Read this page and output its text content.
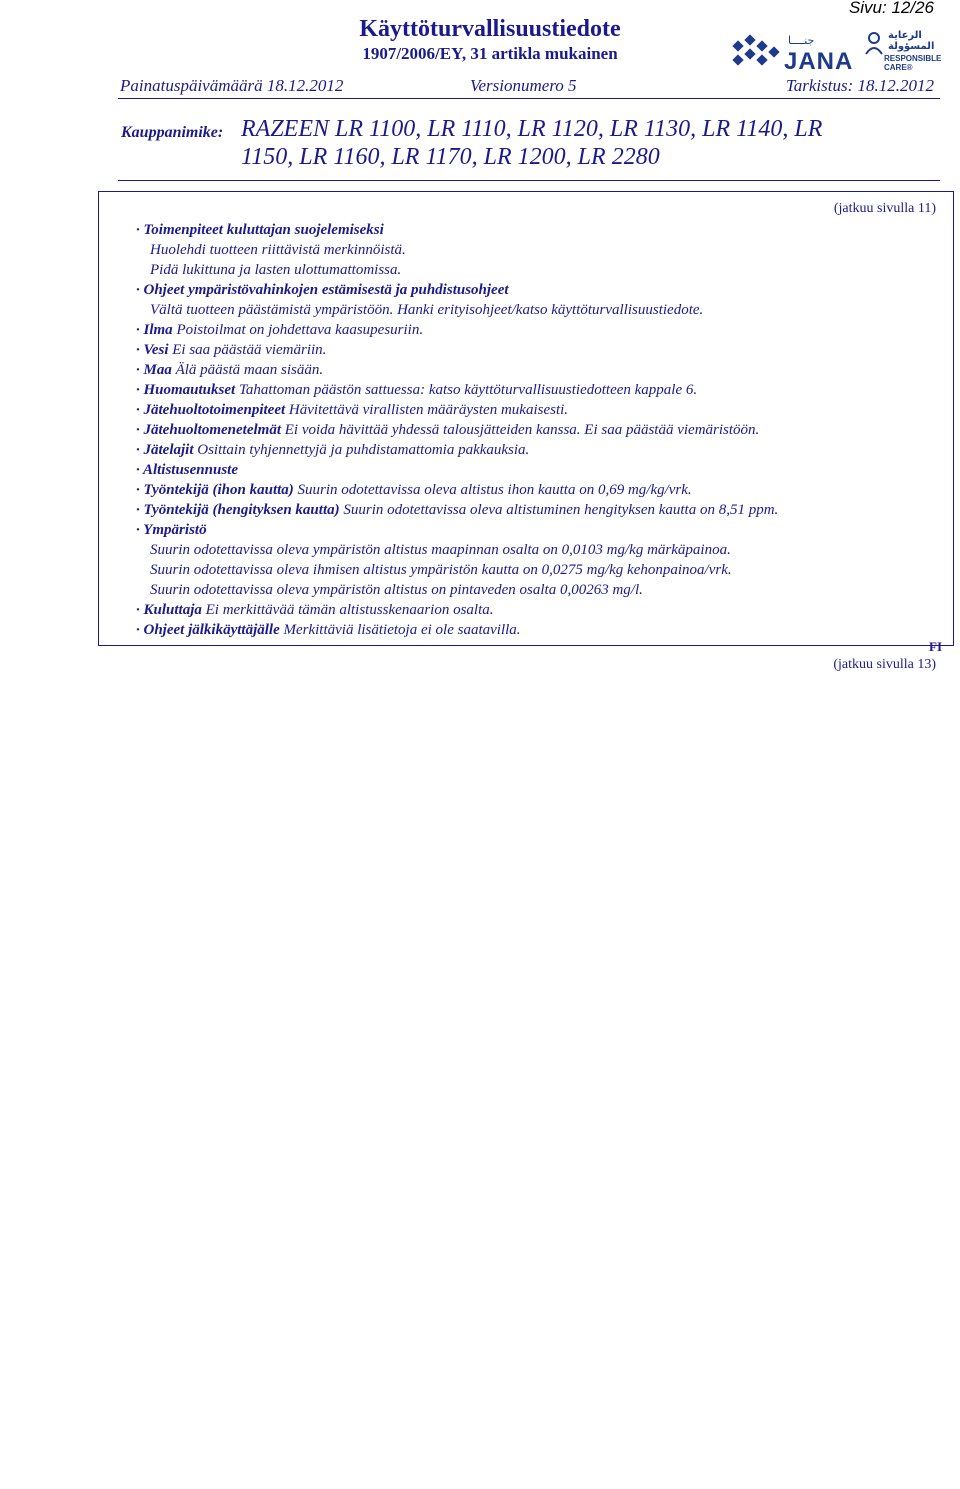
Sivu: 12/26
Käyttöturvallisuustiedote
1907/2006/EY, 31 artikla mukainen
جنــــا
JANA
الرعاية المسؤولة
RESPONSIBLE CARE®
Painatuspäivämäärä 18.12.2012	Versionumero 5	Tarkistus: 18.12.2012
Kauppanimike: RAZEEN LR 1100, LR 1110, LR 1120, LR 1130, LR 1140, LR
1150, LR 1160, LR 1170, LR 1200, LR 2280
(jatkuu sivulla 11)
· Toimenpiteet kuluttajan suojelemiseksi
Huolehdi tuotteen riittävistä merkinnöistä.
Pidä lukittuna ja lasten ulottumattomissa.
· Ohjeet ympäristövahinkojen estämisestä ja puhdistusohjeet
Vältä tuotteen päästämistä ympäristöön. Hanki erityisohjeet/katso käyttöturvallisuustiedote.
· Ilma Poistoilmat on johdettava kaasupesuriin.
· Vesi Ei saa päästää viemäriin.
· Maa Älä päästä maan sisään.
· Huomautukset Tahattoman päästön sattuessa: katso käyttöturvallisuustiedotteen kappale 6.
· Jätehuoltotoimenpiteet Hävitettävä virallisten määräysten mukaisesti.
· Jätehuoltomenetelmät Ei voida hävittää yhdessä talousjätteiden kanssa. Ei saa päästää viemäristöön.
· Jätelajit Osittain tyhjennettyjä ja puhdistamattomia pakkauksia.
· Altistusennuste
· Työntekijä (ihon kautta) Suurin odotettavissa oleva altistus ihon kautta on 0,69 mg/kg/vrk.
· Työntekijä (hengityksen kautta) Suurin odotettavissa oleva altistuminen hengityksen kautta on 8,51 ppm.
· Ympäristö
Suurin odotettavissa oleva ympäristön altistus maapinnan osalta on 0,0103 mg/kg märkäpainoa.
Suurin odotettavissa oleva ihmisen altistus ympäristön kautta on 0,0275 mg/kg kehonpainoa/vrk.
Suurin odotettavissa oleva ympäristön altistus on pintaveden osalta 0,00263 mg/l.
· Kuluttaja Ei merkittävää tämän altistusskenaarion osalta.
· Ohjeet jälkikäyttäjälle Merkittäviä lisätietoja ei ole saatavilla.
FI
(jatkuu sivulla 13)
